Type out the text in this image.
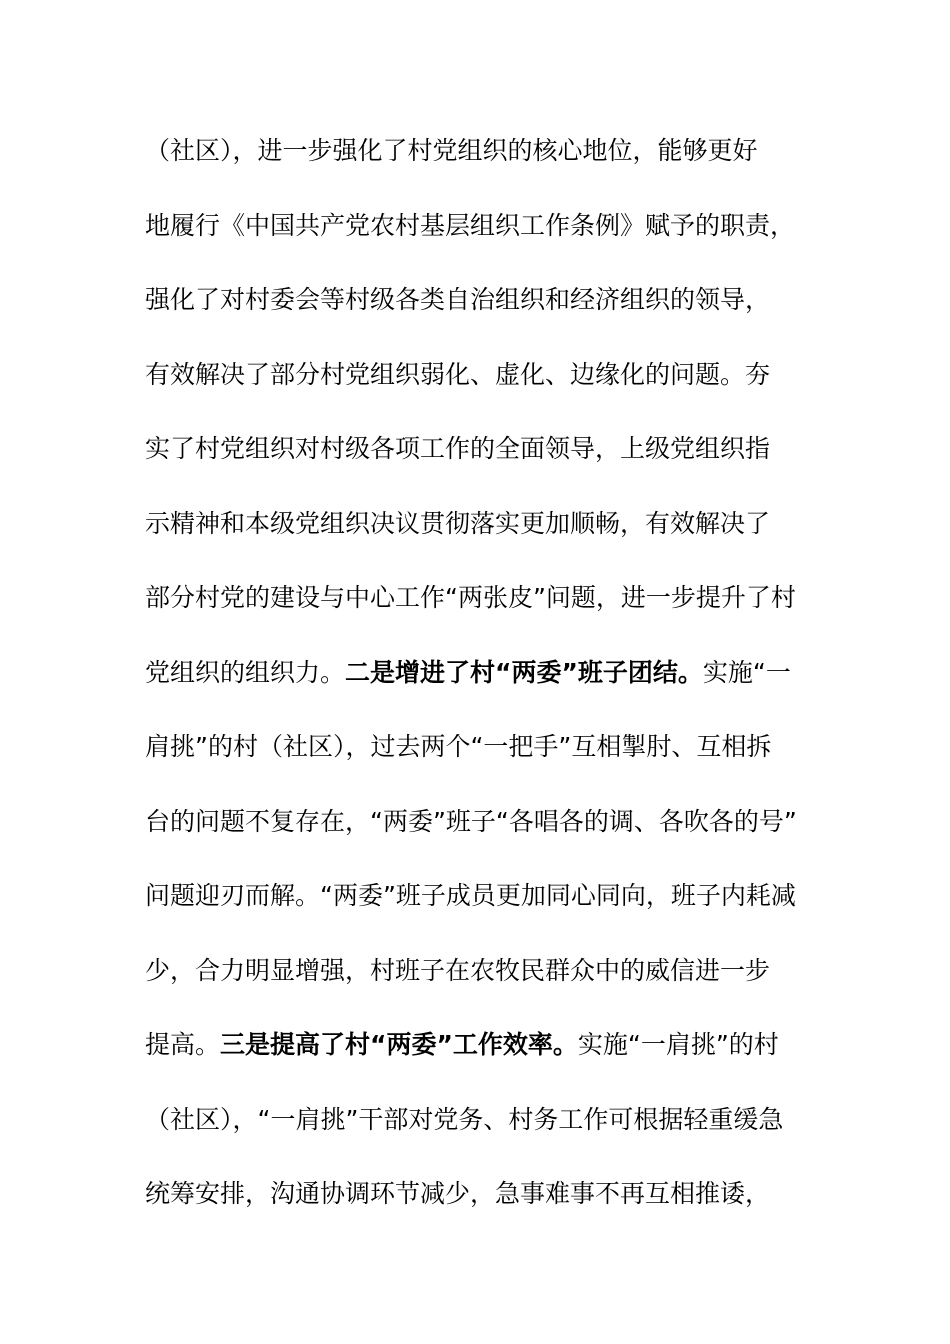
（社区），进一步强化了村党组织的核心地位，能够更好
地履行《中国共产党农村基层组织工作条例》赋予的职责，
强化了对村委会等村级各类自治组织和经济组织的领导，
有效解决了部分村党组织弱化、虚化、边缘化的问题。夯
实了村党组织对村级各项工作的全面领导，上级党组织指
示精神和本级党组织决议贯彻落实更加顺畅，有效解决了
部分村党的建设与中心工作“两张皮”问题，进一步提升了村
党组织的组织力。二是增进了村“两委”班子团结。实施“一
肩挑”的村（社区），过去两个“一把手”互相掣肘、互相拆
台的问题不复存在，“两委”班子“各唱各的调、各吹各的号”
问题迎刃而解。“两委”班子成员更加同心同向，班子内耗减
少，合力明显增强，村班子在农牧民群众中的威信进一步
提高。三是提高了村“两委”工作效率。实施“一肩挑”的村
（社区），“一肩挑”干部对党务、村务工作可根据轻重缓急
统筹安排，沟通协调环节减少，急事难事不再互相推诿，
